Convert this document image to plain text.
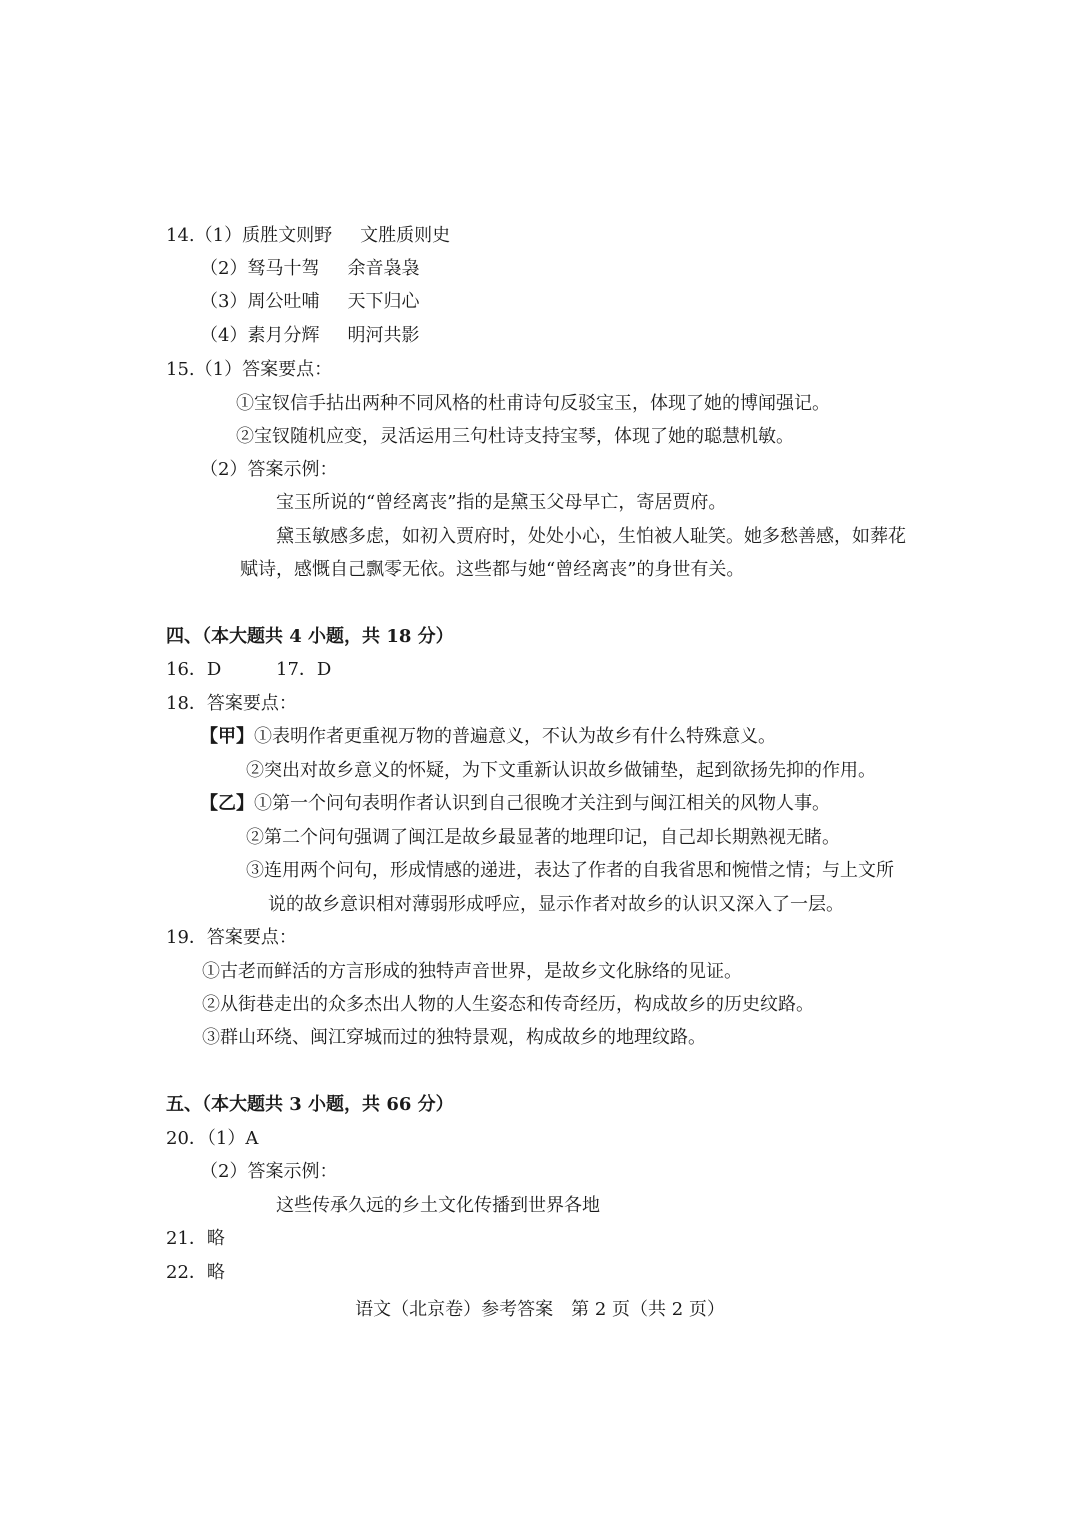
14.（1）质胜文则野 文胜质则史
（2）驽马十驾 余音袅袅
（3）周公吐哺 天下归心
（4）素月分辉 明河共影
15.（1）答案要点：
①宝钗信手拈出两种不同风格的杜甫诗句反驳宝玉，体现了她的博闻强记。
②宝钗随机应变，灵活运用三句杜诗支持宝琴，体现了她的聪慧机敏。
（2）答案示例：
宝玉所说的“曾经离丧”指的是黛玉父母早亡，寄居贾府。
黛玉敏感多虑，如初入贾府时，处处小心，生怕被人耻笑。她多愁善感，如葬花
赋诗，感慨自己飘零无依。这些都与她“曾经离丧”的身世有关。
四、（本大题共 4 小题，共 18 分）
16．D	17．D
18．答案要点：
【甲】①表明作者更重视万物的普遍意义，不认为故乡有什么特殊意义。
②突出对故乡意义的怀疑，为下文重新认识故乡做铺垫，起到欲扬先抑的作用。
【乙】①第一个问句表明作者认识到自己很晚才关注到与闽江相关的风物人事。
②第二个问句强调了闽江是故乡最显著的地理印记，自己却长期熟视无睹。
③连用两个问句，形成情感的递进，表达了作者的自我省思和惋惜之情；与上文所
说的故乡意识相对薄弱形成呼应，显示作者对故乡的认识又深入了一层。
19．答案要点：
①古老而鲜活的方言形成的独特声音世界，是故乡文化脉络的见证。
②从街巷走出的众多杰出人物的人生姿态和传奇经历，构成故乡的历史纹路。
③群山环绕、闽江穿城而过的独特景观，构成故乡的地理纹路。
五、（本大题共 3 小题，共 66 分）
20．（1）A
（2）答案示例：
这些传承久远的乡土文化传播到世界各地
21．略
22．略
语文（北京卷）参考答案　第 2 页（共 2 页）
